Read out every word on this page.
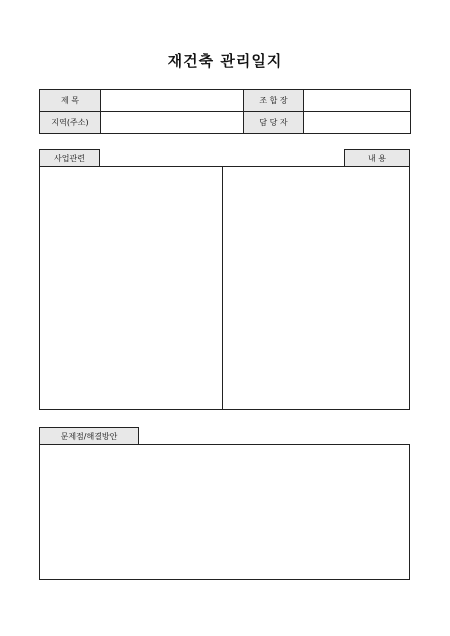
재건축 관리일지
제 목		조 합 장	
지역(주소)		담 당 자	
사업관련	내 용
문제점/해결방안
